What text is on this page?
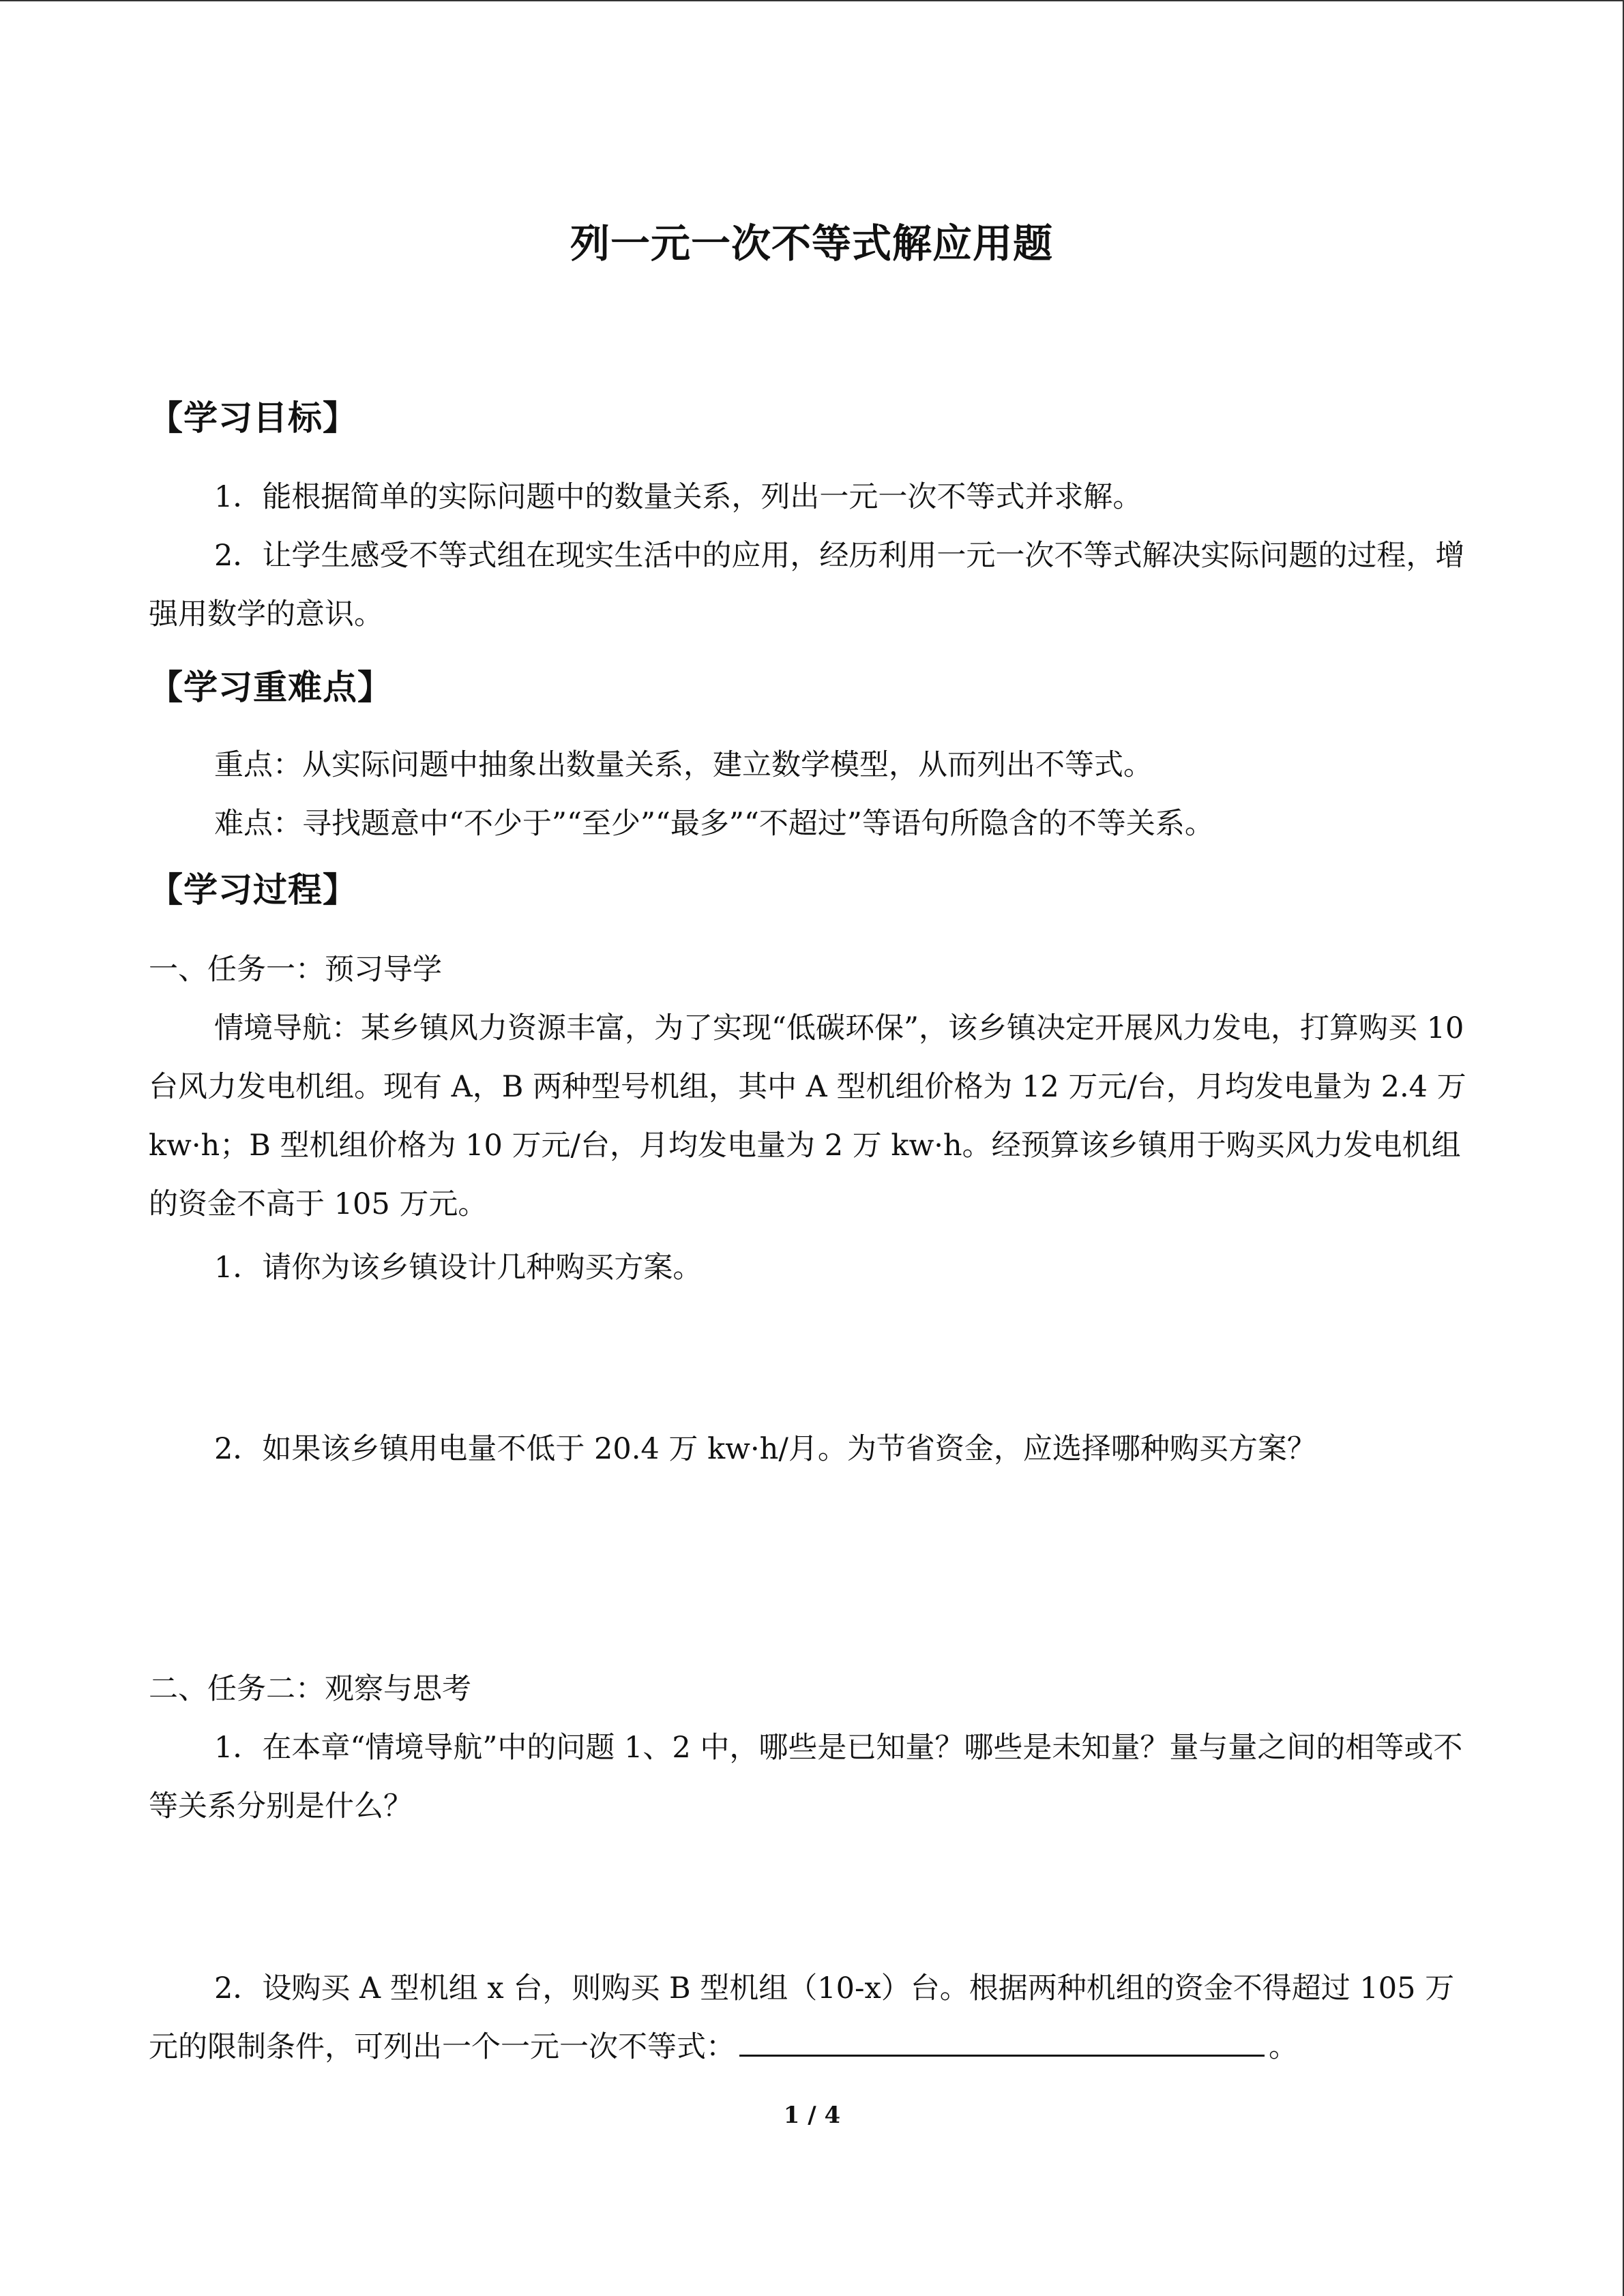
列一元一次不等式解应用题
【学习目标】
1．能根据简单的实际问题中的数量关系，列出一元一次不等式并求解。
2．让学生感受不等式组在现实生活中的应用，经历利用一元一次不等式解决实际问题的过程，增强用数学的意识。
【学习重难点】
重点：从实际问题中抽象出数量关系，建立数学模型，从而列出不等式。
难点：寻找题意中“不少于”“至少”“最多”“不超过”等语句所隐含的不等关系。
【学习过程】
一、任务一：预习导学
情境导航：某乡镇风力资源丰富，为了实现“低碳环保”，该乡镇决定开展风力发电，打算购买 10 台风力发电机组。现有 A，B 两种型号机组，其中 A 型机组价格为 12 万元/台，月均发电量为 2.4 万 kw·h；B 型机组价格为 10 万元/台，月均发电量为 2 万 kw·h。经预算该乡镇用于购买风力发电机组的资金不高于 105 万元。
1．请你为该乡镇设计几种购买方案。
2．如果该乡镇用电量不低于 20.4 万 kw·h/月。为节省资金，应选择哪种购买方案？
二、任务二：观察与思考
1．在本章“情境导航”中的问题 1、2 中，哪些是已知量？哪些是未知量？量与量之间的相等或不等关系分别是什么？
2．设购买 A 型机组 x 台，则购买 B 型机组（10-x）台。根据两种机组的资金不得超过 105 万元的限制条件，可列出一个一元一次不等式：	。
1 / 4
